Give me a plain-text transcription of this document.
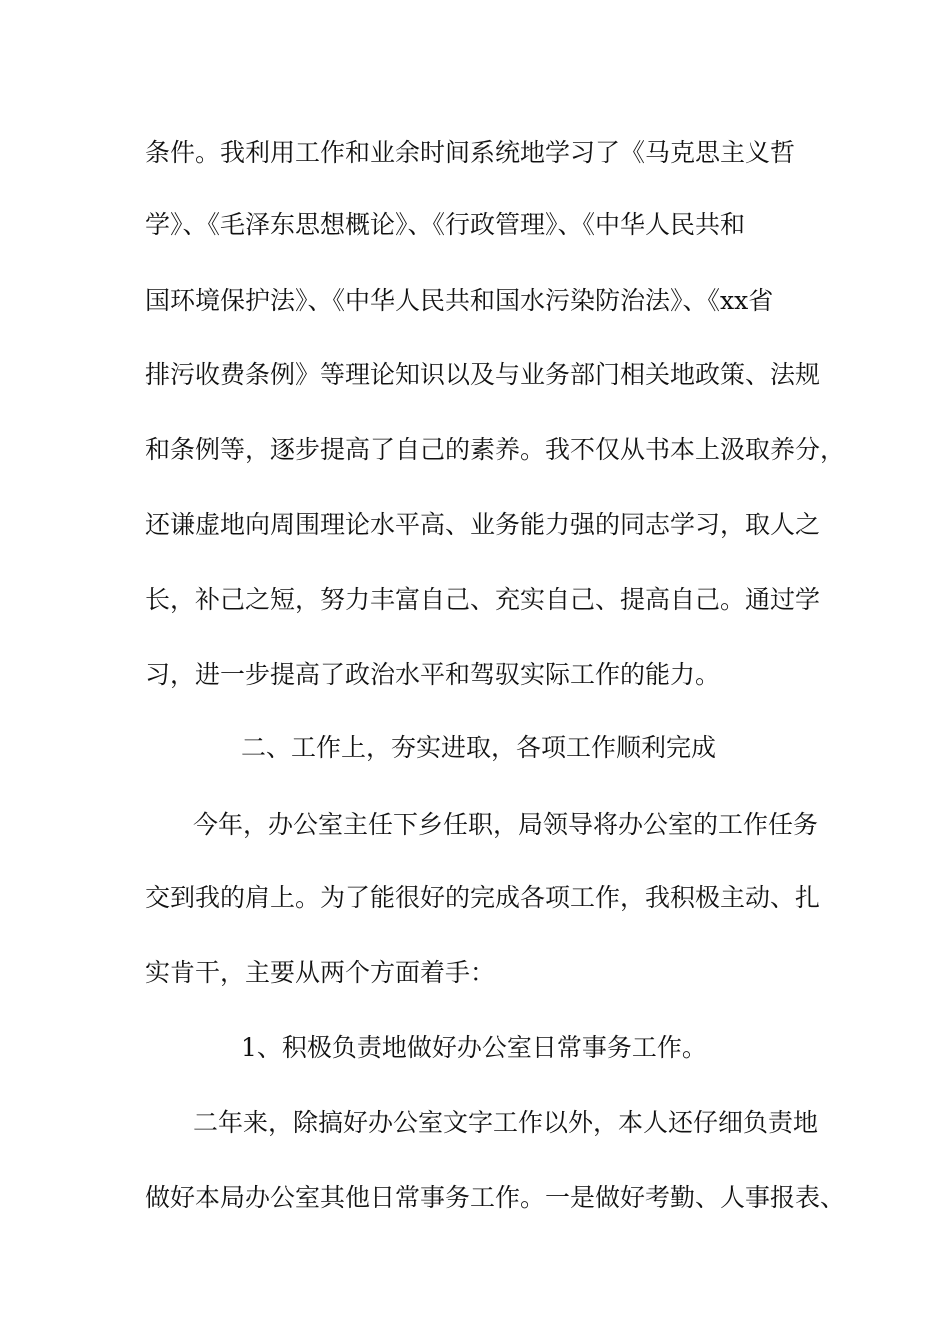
条件。我利用工作和业余时间系统地学习了《马克思主义哲
学》、《毛泽东思想概论》、《行政管理》、《中华人民共和
国环境保护法》、《中华人民共和国水污染防治法》、《xx省
排污收费条例》等理论知识以及与业务部门相关地政策、法规
和条例等，逐步提高了自己的素养。我不仅从书本上汲取养分，
还谦虚地向周围理论水平高、业务能力强的同志学习，取人之
长，补己之短，努力丰富自己、充实自己、提高自己。通过学
习，进一步提高了政治水平和驾驭实际工作的能力。
二、工作上，夯实进取，各项工作顺利完成
今年，办公室主任下乡任职，局领导将办公室的工作任务
交到我的肩上。为了能很好的完成各项工作，我积极主动、扎
实肯干，主要从两个方面着手：
1、积极负责地做好办公室日常事务工作。
二年来，除搞好办公室文字工作以外，本人还仔细负责地
做好本局办公室其他日常事务工作。一是做好考勤、人事报表、
